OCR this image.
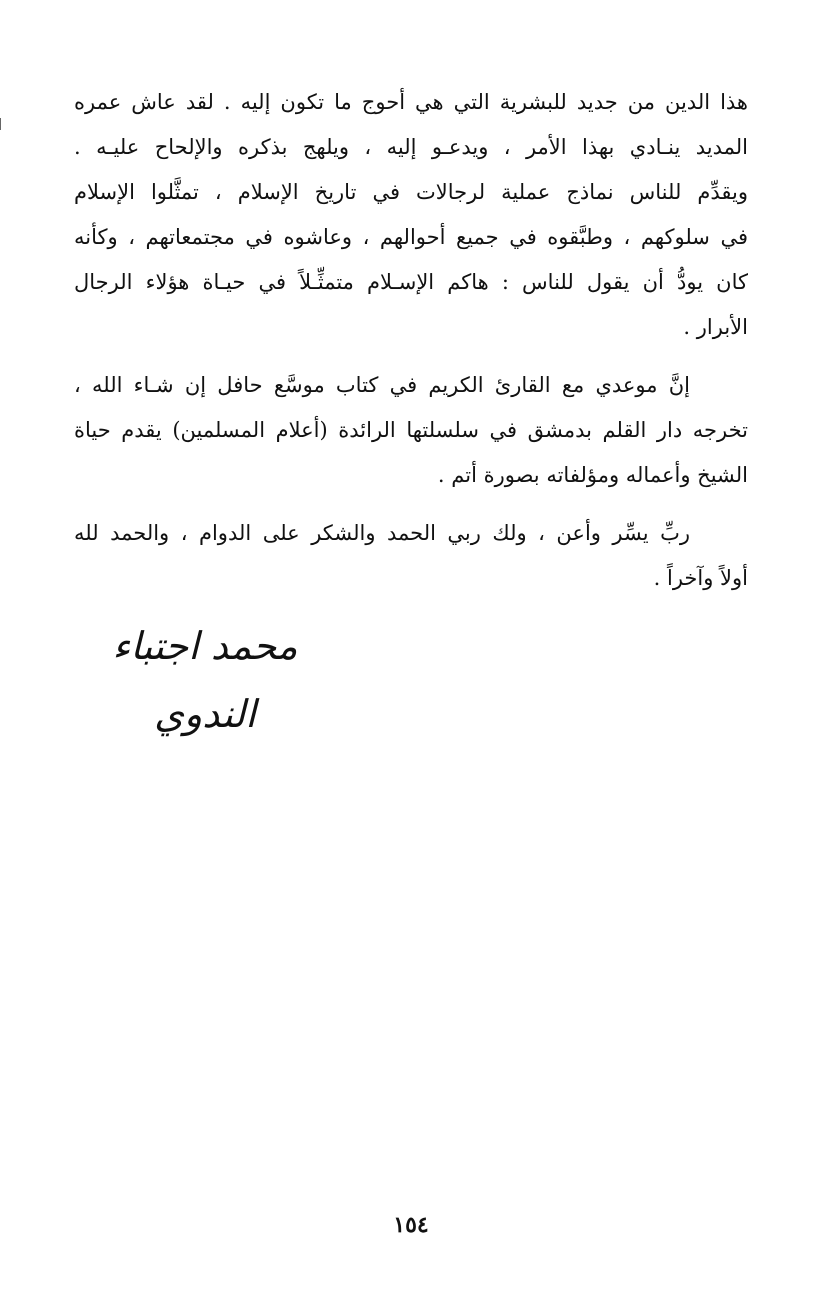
هذا الدين من جديد للبشرية التي هي أحوج ما تكون إليه . لقد عاش عمره
المديد ينـادي بهذا الأمر ، ويدعـو إليه ، ويلهج بذكره والإلحاح عليـه .
ويقدِّم للناس نماذج عملية لرجالات في تاريخ الإسلام ، تمثَّلوا الإسلام
في سلوكهم ، وطبَّقوه في جميع أحوالهم ، وعاشوه في مجتمعاتهم ، وكأنه
كان يودُّ أن يقول للناس : هاكم الإسـلام متمثِّـلاً في حيـاة هؤلاء الرجال
الأبرار .
إنَّ موعدي مع القارئ الكريم في كتاب موسَّع حافل إن شـاء الله ،
تخرجه دار القلم بدمشق في سلسلتها الرائدة (أعلام المسلمين) يقدم حياة
الشيخ وأعماله ومؤلفاته بصورة أتم .
ربِّ يسِّر وأعن ، ولك ربي الحمد والشكر على الدوام ، والحمد لله
أولاً وآخراً .
محمد اجتباء الندوي
١٥٤
